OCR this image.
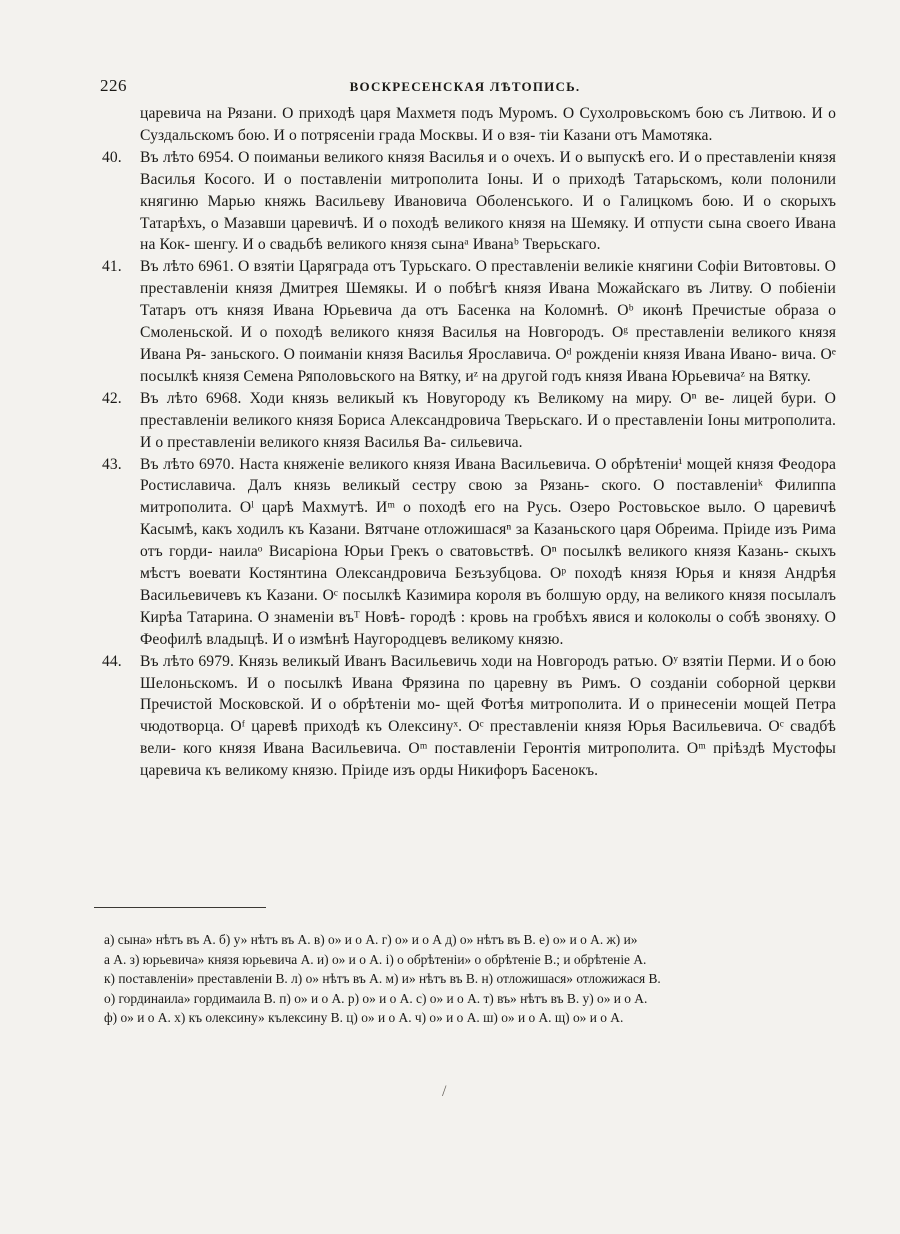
226	ВОСКРЕСЕНСКАЯ ЛѢТОПИСЬ.

царевича на Рязани. О приходѣ царя Махметя подъ Муромъ. О Сухолровьскомъ бою съ Литвою. И о Суздальскомъ бою. И о потрясеніи града Москвы. И о взя- тіи Казани отъ Мамотяка.

40. Въ лѣто 6954. О поиманьи великого князя Василья и о очехъ. И о выпускѣ его. И о преставленіи князя Василья Косого. И о поставленіи митрополита Іоны. И о приходѣ Татарьскомъ, коли полонили княгиню Марью княжь Васильеву Ивановича Оболенського. И о Галицкомъ бою. И о скорыхъ Татарѣхъ, о Мазавши царевичѣ. И о походѣ великого князя на Шемяку. И отпусти сына своего Ивана на Кок- шенгу. И о свадьбѣ великого князя сынаᵃ Иванаᵇ Тверьскаго.

41. Въ лѣто 6961. О взятіи Царяграда отъ Турьскаго. О преставленіи великіе княгини Софіи Витовтовы. О преставленіи князя Дмитрея Шемякы. И о побѣгѣ князя Ивана Можайскаго въ Литву. О побіеніи Татаръ отъ князя Ивана Юрьевича да отъ Басенка на Коломнѣ. Оᵇ иконѣ Пречистые образа о Смоленьской. И о походѣ великого князя Василья на Новгородъ. Оᵍ преставленіи великого князя Ивана Ря- заньского. О поиманіи князя Василья Ярославича. Оᵈ рожденіи князя Ивана Ивано- вича. Оᵉ посылкѣ князя Семена Ряполовьского на Вятку, иᶻ на другой годъ князя Ивана Юрьевичаᶻ на Вятку.

42. Въ лѣто 6968. Ходи князь великый къ Новугороду къ Великому на миру. Оⁿ ве- лицей бури. О преставленіи великого князя Бориса Александровича Тверьскаго. И о преставленіи Іоны митрополита. И о преставленіи великого князя Василья Ва- сильевича.

43. Въ лѣто 6970. Наста княженіе великого князя Ивана Васильевича. О обрѣтеніиⁱ мощей князя Феодора Ростиславича. Далъ князь великый сестру свою за Рязань- ского. О поставленіиᵏ Филиппа митрополита. Оˡ царѣ Махмутѣ. Иᵐ о походѣ его на Русь. Озеро Ростовьское выло. О царевичѣ Касымѣ, какъ ходилъ къ Казани. Вятчане отложишасяⁿ за Казаньского царя Обреима. Пріиде изъ Рима отъ горди- наилаᵒ Висаріона Юрьи Грекъ о сватовьствѣ. Оⁿ посылкѣ великого князя Казань- скыхъ мѣстъ воевати Костянтина Олександровича Безъзубцова. Оᵖ походѣ князя Юрья и князя Андрѣя Васильевичевъ къ Казани. Оᶜ посылкѣ Казимира короля въ болшую орду, на великого князя посылалъ Кирѣа Татарина. О знаменіи въᵀ Новѣ- городѣ : кровь на гробѣхъ явися и колоколы о собѣ звоняху. О Феофилѣ владыцѣ. И о измѣнѣ Наугородцевъ великому князю.

44. Въ лѣто 6979. Князь великый Иванъ Васильевичь ходи на Новгородъ ратью. Оʸ взятіи Перми. И о бою Шелоньскомъ. И о посылкѣ Ивана Фрязина по царевну въ Римъ. О созданіи соборной церкви Пречистой Московской. И о обрѣтеніи мо- щей Фотѣя митрополита. И о принесеніи мощей Петра чюдотворца. Оᶠ царевѣ приходѣ къ Олексинуˣ. Оᶜ преставленіи князя Юрья Васильевича. Оᶜ свадбѣ вели- кого князя Ивана Васильевича. Оᵐ поставленіи Геронтія митрополита. Оᵐ пріѣздѣ Мустофы царевича къ великому князю. Пріиде изъ орды Никифоръ Басенокъ.

а) сына» нѣтъ въ А. б) у» нѣтъ въ А. в) о» и о А. г) о» и о А д) о» нѣтъ въ В. е) о» и о А. ж) и»

а А. з) юрьевича» князя юрьевича А. и) о» и о А. і) о обрѣтеніи» о обрѣтеніе В.; и обрѣтеніе А.

к) поставленіи» преставленіи В. л) о» нѣтъ въ А. м) и» нѣтъ въ В. н) отложишася» отложижася В.

о) гординаила» гордимаила В. п) о» и о А. р) о» и о А. с) о» и о А. т) въ» нѣтъ въ В. у) о» и о А.

ф) о» и о А. х) къ олексину» кълексину В. ц) о» и о А. ч) о» и о А. ш) о» и о А. щ) о» и о А.

/
